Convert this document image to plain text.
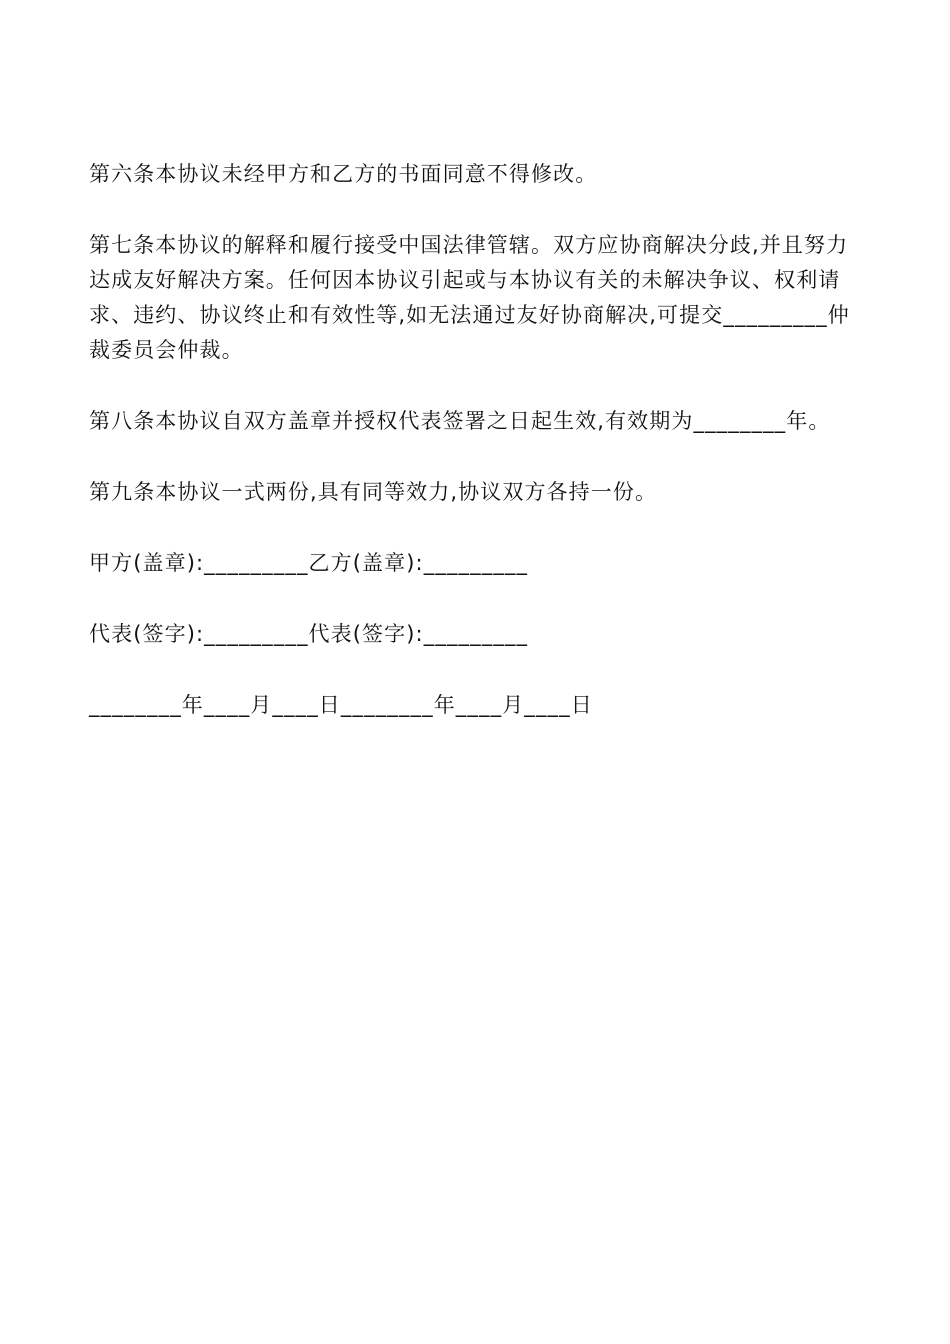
第六条本协议未经甲方和乙方的书面同意不得修改。

第七条本协议的解释和履行接受中国法律管辖。双方应协商解决分歧,并且努力达成友好解决方案。任何因本协议引起或与本协议有关的未解决争议、权利请求、违约、协议终止和有效性等,如无法通过友好协商解决,可提交_________仲裁委员会仲裁。

第八条本协议自双方盖章并授权代表签署之日起生效,有效期为________年。

第九条本协议一式两份,具有同等效力,协议双方各持一份。

甲方(盖章):_________乙方(盖章):_________

代表(签字):_________代表(签字):_________

________年____月____日________年____月____日
